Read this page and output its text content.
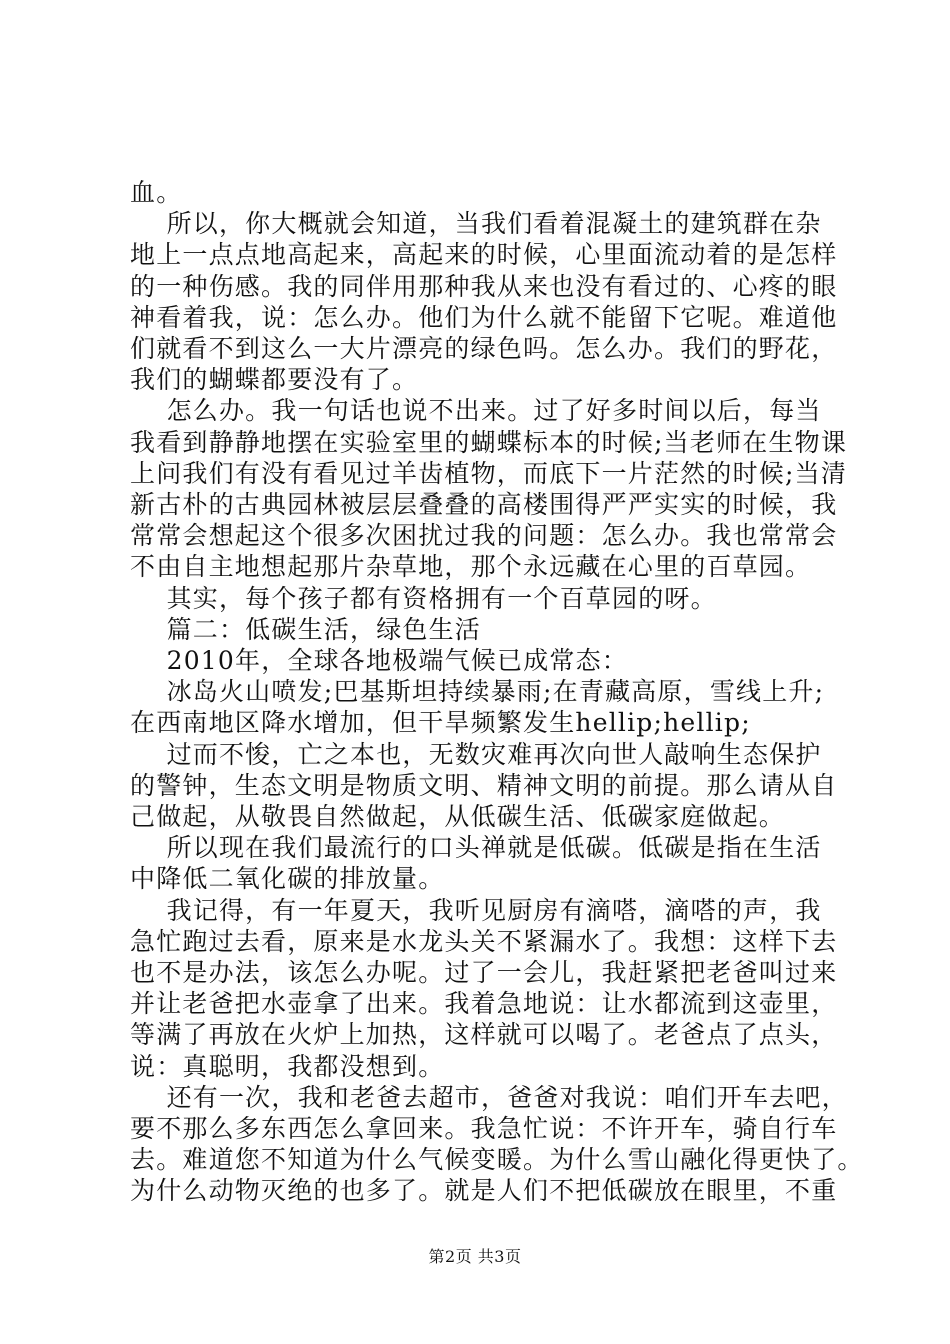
血。
所以，你大概就会知道，当我们看着混凝土的建筑群在杂
地上一点点地高起来，高起来的时候，心里面流动着的是怎样
的一种伤感。我的同伴用那种我从来也没有看过的、心疼的眼
神看着我，说：怎么办。他们为什么就不能留下它呢。难道他
们就看不到这么一大片漂亮的绿色吗。怎么办。我们的野花，
我们的蝴蝶都要没有了。
怎么办。我一句话也说不出来。过了好多时间以后，每当
我看到静静地摆在实验室里的蝴蝶标本的时候;当老师在生物课
上问我们有没有看见过羊齿植物，而底下一片茫然的时候;当清
新古朴的古典园林被层层叠叠的高楼围得严严实实的时候，我
常常会想起这个很多次困扰过我的问题：怎么办。我也常常会
不由自主地想起那片杂草地，那个永远藏在心里的百草园。
其实，每个孩子都有资格拥有一个百草园的呀。
篇二：低碳生活，绿色生活
2010年，全球各地极端气候已成常态：
冰岛火山喷发;巴基斯坦持续暴雨;在青藏高原，雪线上升;
在西南地区降水增加，但干旱频繁发生hellip;hellip;
过而不悛，亡之本也，无数灾难再次向世人敲响生态保护
的警钟，生态文明是物质文明、精神文明的前提。那么请从自
己做起，从敬畏自然做起，从低碳生活、低碳家庭做起。
所以现在我们最流行的口头禅就是低碳。低碳是指在生活
中降低二氧化碳的排放量。
我记得，有一年夏天，我听见厨房有滴嗒，滴嗒的声，我
急忙跑过去看，原来是水龙头关不紧漏水了。我想：这样下去
也不是办法，该怎么办呢。过了一会儿，我赶紧把老爸叫过来
并让老爸把水壶拿了出来。我着急地说：让水都流到这壶里，
等满了再放在火炉上加热，这样就可以喝了。老爸点了点头，
说：真聪明，我都没想到。
还有一次，我和老爸去超市，爸爸对我说：咱们开车去吧，
要不那么多东西怎么拿回来。我急忙说：不许开车，骑自行车
去。难道您不知道为什么气候变暖。为什么雪山融化得更快了。
为什么动物灭绝的也多了。就是人们不把低碳放在眼里，不重
第2页 共3页
